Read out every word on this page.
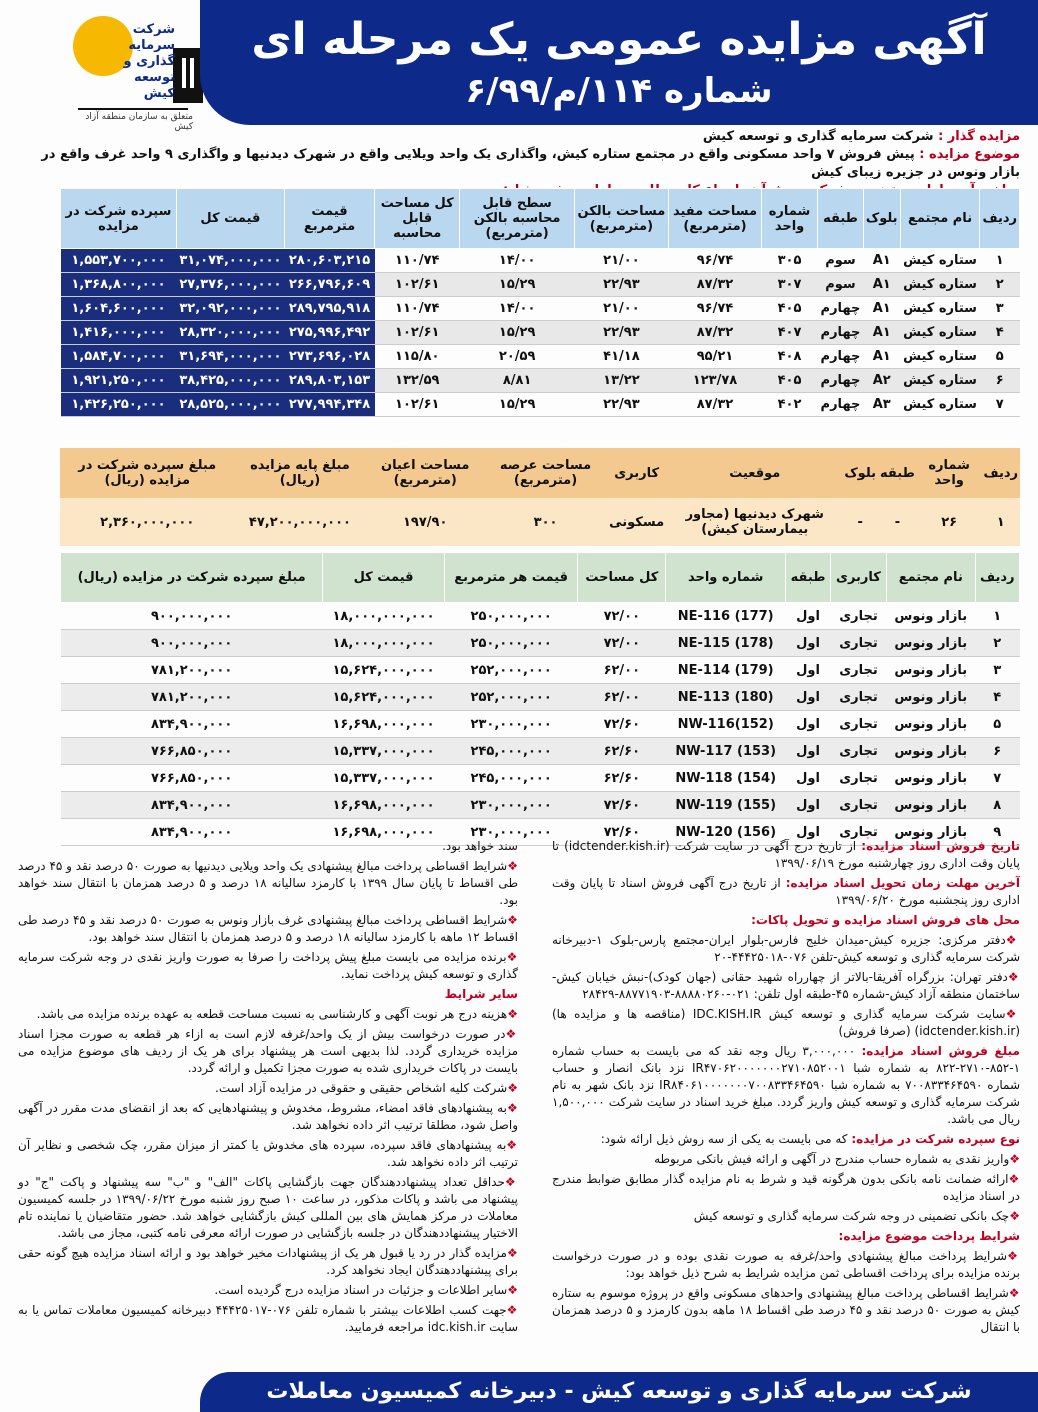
شرکت سرمایه گذاری و توسعه کیش
متعلق به سازمان منطقه آزاد کیش
آگهی مزایده عمومی یک مرحله ای
شماره ۱۱۴/م/۶/۹۹
مزایده گذار : شرکت سرمایه گذاری و توسعه کیش
موضوع مزایده : پیش فروش ۷ واحد مسکونی واقع در مجتمع ستاره کیش، واگذاری یک واحد ویلایی واقع در شهرک دیدنیها و واگذاری ۹ واحد غرف واقع در بازار ونوس در جزیره زیبای کیش
ردیف	نام مجتمع	بلوک	طبقه	شماره واحد	مساحت مفید (مترمربع)	مساحت بالکن (مترمربع)	سطح قابل محاسبه بالکن (مترمربع)	کل مساحت قابل محاسبه	قیمت مترمربع	قیمت کل	سپرده شرکت در مزایده
۱	ستاره کیش	A۱	سوم	۳۰۵	۹۶/۷۴	۲۱/۰۰	۱۴/۰۰	۱۱۰/۷۴	۲۸۰,۶۰۳,۲۱۵	۳۱,۰۷۴,۰۰۰,۰۰۰	۱,۵۵۳,۷۰۰,۰۰۰
۲	ستاره کیش	A۱	سوم	۳۰۷	۸۷/۳۲	۲۲/۹۳	۱۵/۲۹	۱۰۲/۶۱	۲۶۶,۷۹۶,۶۰۹	۲۷,۳۷۶,۰۰۰,۰۰۰	۱,۳۶۸,۸۰۰,۰۰۰
۳	ستاره کیش	A۱	چهارم	۴۰۵	۹۶/۷۴	۲۱/۰۰	۱۴/۰۰	۱۱۰/۷۴	۲۸۹,۷۹۵,۹۱۸	۳۲,۰۹۲,۰۰۰,۰۰۰	۱,۶۰۴,۶۰۰,۰۰۰
۴	ستاره کیش	A۱	چهارم	۴۰۷	۸۷/۳۲	۲۲/۹۳	۱۵/۲۹	۱۰۲/۶۱	۲۷۵,۹۹۶,۴۹۲	۲۸,۳۲۰,۰۰۰,۰۰۰	۱,۴۱۶,۰۰۰,۰۰۰
۵	ستاره کیش	A۱	چهارم	۴۰۸	۹۵/۲۱	۴۱/۱۸	۲۰/۵۹	۱۱۵/۸۰	۲۷۳,۶۹۶,۰۲۸	۳۱,۶۹۴,۰۰۰,۰۰۰	۱,۵۸۴,۷۰۰,۰۰۰
۶	ستاره کیش	A۲	چهارم	۴۰۵	۱۲۳/۷۸	۱۳/۲۲	۸/۸۱	۱۳۲/۵۹	۲۸۹,۸۰۳,۱۵۳	۳۸,۴۲۵,۰۰۰,۰۰۰	۱,۹۲۱,۲۵۰,۰۰۰
۷	ستاره کیش	A۳	چهارم	۴۰۲	۸۷/۳۲	۲۲/۹۳	۱۵/۲۹	۱۰۲/۶۱	۲۷۷,۹۹۴,۳۴۸	۲۸,۵۲۵,۰۰۰,۰۰۰	۱,۴۲۶,۲۵۰,۰۰۰
ردیف	شماره واحد	طبقه	بلوک	موقعیت	کاربری	مساحت عرصه (مترمربع)	مساحت اعیان (مترمربع)	مبلغ پایه مزایده (ریال)	مبلغ سپرده شرکت در مزایده (ریال)
۱	۲۶	-	-	شهرک دیدنیها (مجاور بیمارستان کیش)	مسکونی	۳۰۰	۱۹۷/۹۰	۴۷,۲۰۰,۰۰۰,۰۰۰	۲,۳۶۰,۰۰۰,۰۰۰
ردیف	نام مجتمع	کاربری	طبقه	شماره واحد	کل مساحت	قیمت هر مترمربع	قیمت کل	مبلغ سپرده شرکت در مزایده (ریال)
۱	بازار ونوس	تجاری	اول	NE-116 (177)	۷۲/۰۰	۲۵۰,۰۰۰,۰۰۰	۱۸,۰۰۰,۰۰۰,۰۰۰	۹۰۰,۰۰۰,۰۰۰
۲	بازار ونوس	تجاری	اول	NE-115 (178)	۷۲/۰۰	۲۵۰,۰۰۰,۰۰۰	۱۸,۰۰۰,۰۰۰,۰۰۰	۹۰۰,۰۰۰,۰۰۰
۳	بازار ونوس	تجاری	اول	NE-114 (179)	۶۲/۰۰	۲۵۲,۰۰۰,۰۰۰	۱۵,۶۲۴,۰۰۰,۰۰۰	۷۸۱,۲۰۰,۰۰۰
۴	بازار ونوس	تجاری	اول	NE-113 (180)	۶۲/۰۰	۲۵۲,۰۰۰,۰۰۰	۱۵,۶۲۴,۰۰۰,۰۰۰	۷۸۱,۲۰۰,۰۰۰
۵	بازار ونوس	تجاری	اول	NW-116(152)	۷۲/۶۰	۲۳۰,۰۰۰,۰۰۰	۱۶,۶۹۸,۰۰۰,۰۰۰	۸۳۴,۹۰۰,۰۰۰
۶	بازار ونوس	تجاری	اول	NW-117 (153)	۶۲/۶۰	۲۴۵,۰۰۰,۰۰۰	۱۵,۳۳۷,۰۰۰,۰۰۰	۷۶۶,۸۵۰,۰۰۰
۷	بازار ونوس	تجاری	اول	NW-118 (154)	۶۲/۶۰	۲۴۵,۰۰۰,۰۰۰	۱۵,۳۳۷,۰۰۰,۰۰۰	۷۶۶,۸۵۰,۰۰۰
۸	بازار ونوس	تجاری	اول	NW-119 (155)	۷۲/۶۰	۲۳۰,۰۰۰,۰۰۰	۱۶,۶۹۸,۰۰۰,۰۰۰	۸۳۴,۹۰۰,۰۰۰
۹	بازار ونوس	تجاری	اول	NW-120 (156)	۷۲/۶۰	۲۳۰,۰۰۰,۰۰۰	۱۶,۶۹۸,۰۰۰,۰۰۰	۸۳۴,۹۰۰,۰۰۰
تاریخ فروش اسناد مزایده: از تاریخ درج آگهی در سایت شرکت (idctender.kish.ir) تا پایان وقت اداری روز چهارشنبه مورخ ۱۳۹۹/۰۶/۱۹
آخرین مهلت زمان تحویل اسناد مزایده: از تاریخ درج آگهی فروش اسناد تا پایان وقت اداری روز پنجشنبه مورخ ۱۳۹۹/۰۶/۲۰
محل های فروش اسناد مزایده و تحویل پاکات:
❖دفتر مرکزی: جزیره کیش-میدان خلیج فارس-بلوار ایران-مجتمع پارس-بلوک ۱-دبیرخانه شرکت سرمایه گذاری و توسعه کیش-تلفن ۰۷۶-۴۴۴۲۵۰۱۸-۲۰
❖دفتر تهران: بزرگراه آفریقا-بالاتر از چهارراه شهید حقانی (جهان کودک)-نبش خیابان کیش-ساختمان منطقه آزاد کیش-شماره ۴۵-طبقه اول تلفن: ۰۲۱-۸۸۸۸۰۲۶۰-۸۸۷۷۱۹۰۳-۲۸۴۲۹
❖سایت شرکت سرمایه گذاری و توسعه کیش IDC.KISH.IR (مناقصه ها و مزایده ها) (idctender.kish.ir) (صرفا فروش)
مبلغ فروش اسناد مزایده: ۳,۰۰۰,۰۰۰ ریال وجه نقد که می بایست به حساب شماره ۱-۸۵۲-۲۷۱۰-۸۲۲ به شماره شبا IR۴۷۰۶۲۰۰۰۰۰۰۰۲۷۱۰۸۵۲۰۰۱ نزد بانک انصار و حساب شماره ۷۰۰۸۳۳۴۶۴۵۹۰ به شماره شبا IR۸۴۰۶۱۰۰۰۰۰۰۰۷۰۰۸۳۳۴۶۴۵۹۰ نزد بانک شهر به نام شرکت سرمایه گذاری و توسعه کیش واریز گردد. مبلغ خرید اسناد در سایت شرکت ۱,۵۰۰,۰۰۰ ریال می باشد.
نوع سپرده شرکت در مزایده: که می بایست به یکی از سه روش ذیل ارائه شود:
❖واریز نقدی به شماره حساب مندرج در آگهی و ارائه فیش بانکی مربوطه
❖ارائه ضمانت نامه بانکی بدون هرگونه قید و شرط به نام مزایده گذار مطابق ضوابط مندرج در اسناد مزایده
❖چک بانکی تضمینی در وجه شرکت سرمایه گذاری و توسعه کیش
شرایط پرداخت موضوع مزایده:
❖شرایط پرداخت مبالغ پیشنهادی واحد/غرفه به صورت نقدی بوده و در صورت درخواست برنده مزایده برای پرداخت اقساطی ثمن مزایده شرایط به شرح ذیل خواهد بود:
❖شرایط اقساطی پرداخت مبالغ پیشنهادی واحدهای مسکونی واقع در پروژه موسوم به ستاره کیش به صورت ۵۰ درصد نقد و ۴۵ درصد طی اقساط ۱۸ ماهه بدون کارمزد و ۵ درصد همزمان با انتقال
سند خواهد بود.
❖شرایط اقساطی پرداخت مبالغ پیشنهادی یک واحد ویلایی دیدنیها به صورت ۵۰ درصد نقد و ۴۵ درصد طی اقساط تا پایان سال ۱۳۹۹ با کارمزد سالیانه ۱۸ درصد و ۵ درصد همزمان با انتقال سند خواهد بود.
❖شرایط اقساطی پرداخت مبالغ پیشنهادی غرف بازار ونوس به صورت ۵۰ درصد نقد و ۴۵ درصد طی اقساط ۱۲ ماهه با کارمزد سالیانه ۱۸ درصد و ۵ درصد همزمان با انتقال سند خواهد بود.
❖برنده مزایده می بایست مبلغ پیش پرداخت را صرفا به صورت واریز نقدی در وجه شرکت سرمایه گذاری و توسعه کیش پرداخت نماید.
سایر شرایط
❖هزینه درج هر نوبت آگهی و کارشناسی به نسبت مساحت قطعه به عهده برنده مزایده می باشد.
❖در صورت درخواست بیش از یک واحد/غرفه لازم است به ازاء هر قطعه به صورت مجزا اسناد مزایده خریداری گردد. لذا بدیهی است هر پیشنهاد برای هر یک از ردیف های موضوع مزایده می بایست در پاکات خریداری شده به صورت مجزا تکمیل و ارائه گردد.
❖شرکت کلیه اشخاص حقیقی و حقوقی در مزایده آزاد است.
❖به پیشنهادهای فاقد امضاء، مشروط، مخدوش و پیشنهادهایی که بعد از انقضای مدت مقرر در آگهی واصل شود، مطلقا ترتیب اثر داده نخواهد شد.
❖به پیشنهادهای فاقد سپرده، سپرده های مخدوش یا کمتر از میزان مقرر، چک شخصی و نظایر آن ترتیب اثر داده نخواهد شد.
❖حداقل تعداد پیشنهاددهندگان جهت بازگشایی پاکات "الف" و "ب" سه پیشنهاد و پاکت "ج" دو پیشنهاد می باشد و پاکات مذکور، در ساعت ۱۰ صبح روز شنبه مورخ ۱۳۹۹/۰۶/۲۲ در جلسه کمیسیون معاملات در مرکز همایش های بین المللی کیش بازگشایی خواهد شد. حضور متقاضیان یا نماینده تام الاختیار پیشنهاددهندگان در جلسه بازگشایی در صورت ارائه معرفی نامه کتبی، مجاز می باشد.
❖مزایده گذار در رد یا قبول هر یک از پیشنهادات مخیر خواهد بود و ارائه اسناد مزایده هیچ گونه حقی برای پیشنهاددهندگان ایجاد نخواهد کرد.
❖سایر اطلاعات و جزئیات در اسناد مزایده درج گردیده است.
❖جهت کسب اطلاعات بیشتر با شماره تلفن ۰۷۶-۴۴۴۲۵۰۱۷ دبیرخانه کمیسیون معاملات تماس یا به سایت idc.kish.ir مراجعه فرمایید.
شرکت سرمایه گذاری و توسعه کیش - دبیرخانه کمیسیون معاملات
